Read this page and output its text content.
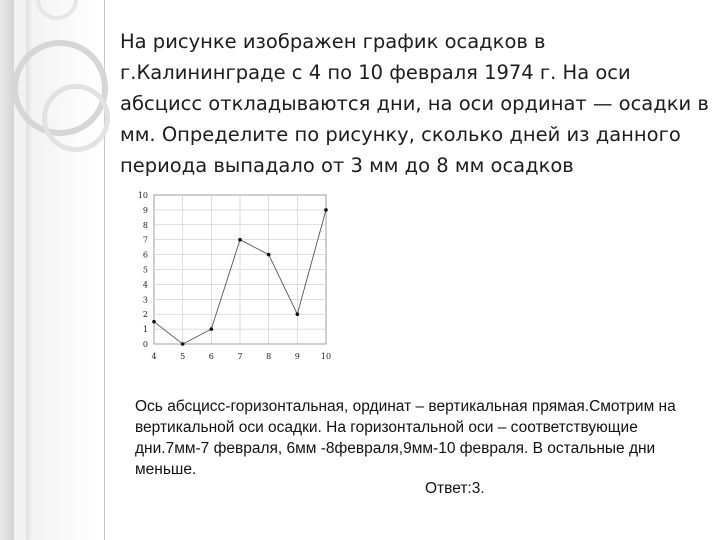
На рисунке изображен график осадков в г.Калининграде с 4 по 10 февраля 1974 г. На оси абсцисс откладываются дни, на оси ординат — осадки в мм. Определите по рисунку, сколько дней из данного периода выпадало от 3 мм до 8 мм осадков

0
1
2
3
4
5
6
7
8
9
10
4	5	6	7	8	9	10

Ось абсцисс-горизонтальная, ординат – вертикальная прямая.Смотрим на вертикальной оси осадки. На горизонтальной оси – соответствующие дни.7мм-7 февраля, 6мм -8февраля,9мм-10 февраля. В остальные дни меньше.

Ответ:3.
